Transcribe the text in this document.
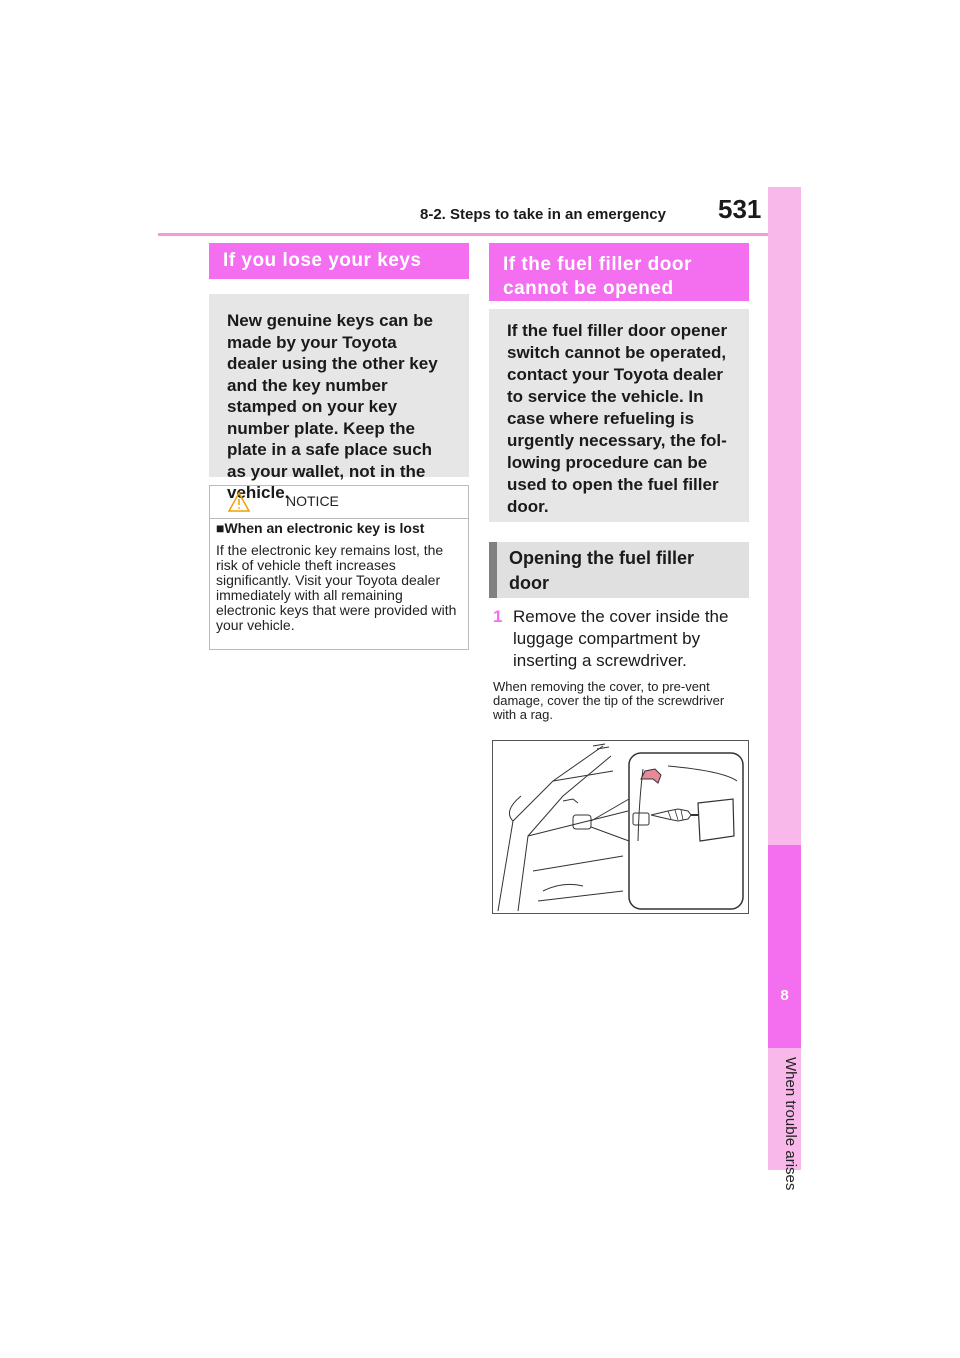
8-2. Steps to take in an emergency 531
8
When trouble arises
If you lose your keys
New genuine keys can be made by your Toyota dealer using the other key and the key number stamped on your key number plate. Keep the plate in a safe place such as your wallet, not in the vehicle.
NOTICE
■When an electronic key is lost
If the electronic key remains lost, the risk of vehicle theft increases significantly. Visit your Toyota dealer immediately with all remaining electronic keys that were provided with your vehicle.
If the fuel filler door cannot be opened
If the fuel filler door opener switch cannot be operated, contact your Toyota dealer to service the vehicle. In case where refueling is urgently necessary, the fol-lowing procedure can be used to open the fuel filler door.
Opening the fuel filler door
1 Remove the cover inside the luggage compartment by inserting a screwdriver.
When removing the cover, to pre-vent damage, cover the tip of the screwdriver with a rag.
